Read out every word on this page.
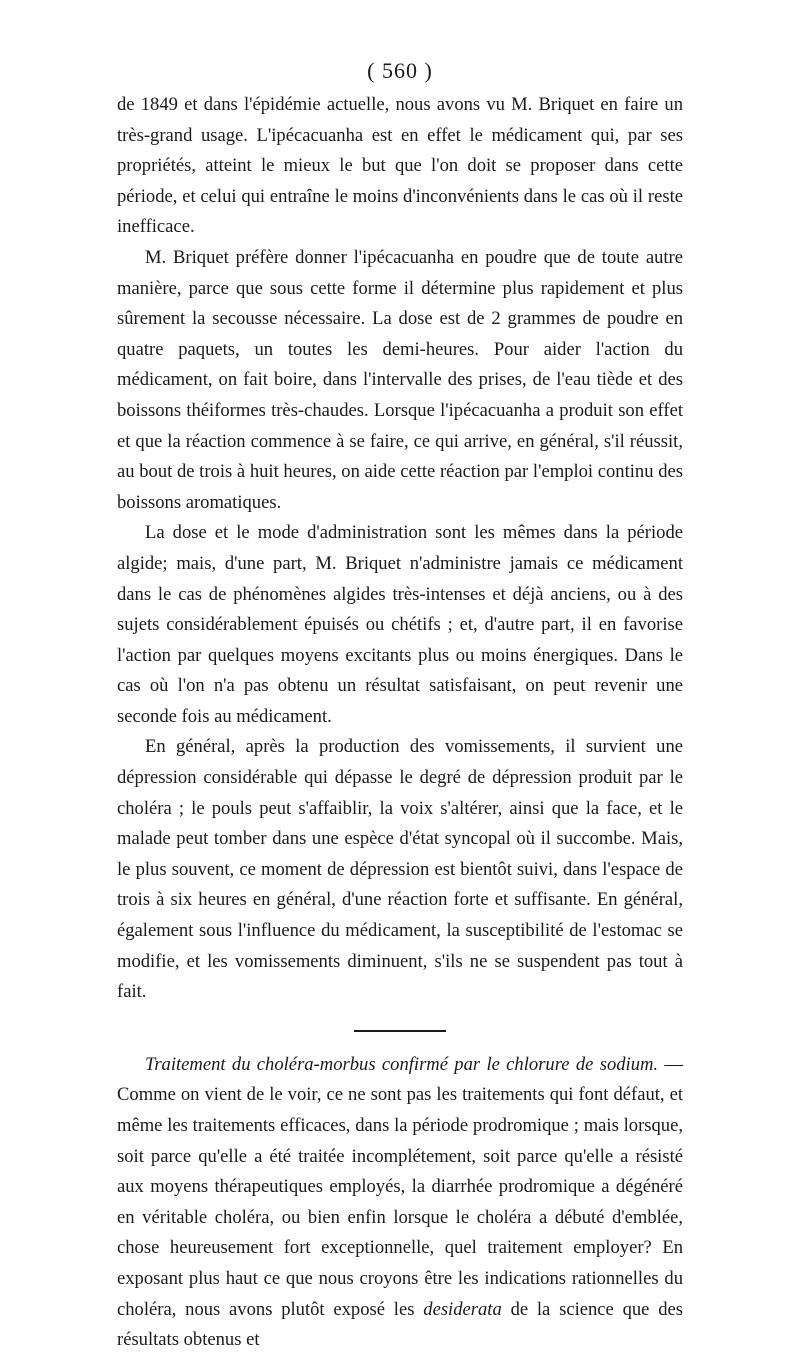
( 560 )

de 1849 et dans l'épidémie actuelle, nous avons vu M. Briquet en faire un très-grand usage. L'ipécacuanha est en effet le médicament qui, par ses propriétés, atteint le mieux le but que l'on doit se proposer dans cette période, et celui qui entraîne le moins d'inconvénients dans le cas où il reste inefficace.

M. Briquet préfère donner l'ipécacuanha en poudre que de toute autre manière, parce que sous cette forme il détermine plus rapidement et plus sûrement la secousse nécessaire. La dose est de 2 grammes de poudre en quatre paquets, un toutes les demi-heures. Pour aider l'action du médicament, on fait boire, dans l'intervalle des prises, de l'eau tiède et des boissons théiformes très-chaudes. Lorsque l'ipécacuanha a produit son effet et que la réaction commence à se faire, ce qui arrive, en général, s'il réussit, au bout de trois à huit heures, on aide cette réaction par l'emploi continu des boissons aromatiques.

La dose et le mode d'administration sont les mêmes dans la période algide; mais, d'une part, M. Briquet n'administre jamais ce médicament dans le cas de phénomènes algides très-intenses et déjà anciens, ou à des sujets considérablement épuisés ou chétifs ; et, d'autre part, il en favorise l'action par quelques moyens excitants plus ou moins énergiques. Dans le cas où l'on n'a pas obtenu un résultat satisfaisant, on peut revenir une seconde fois au médicament.

En général, après la production des vomissements, il survient une dépression considérable qui dépasse le degré de dépression produit par le choléra ; le pouls peut s'affaiblir, la voix s'altérer, ainsi que la face, et le malade peut tomber dans une espèce d'état syncopal où il succombe. Mais, le plus souvent, ce moment de dépression est bientôt suivi, dans l'espace de trois à six heures en général, d'une réaction forte et suffisante. En général, également sous l'influence du médicament, la susceptibilité de l'estomac se modifie, et les vomissements diminuent, s'ils ne se suspendent pas tout à fait.

Traitement du choléra-morbus confirmé par le chlorure de sodium. — Comme on vient de le voir, ce ne sont pas les traitements qui font défaut, et même les traitements efficaces, dans la période prodromique ; mais lorsque, soit parce qu'elle a été traitée incomplétement, soit parce qu'elle a résisté aux moyens thérapeutiques employés, la diarrhée prodromique a dégénéré en véritable choléra, ou bien enfin lorsque le choléra a débuté d'emblée, chose heureusement fort exceptionnelle, quel traitement employer? En exposant plus haut ce que nous croyons être les indications rationnelles du choléra, nous avons plutôt exposé les desiderata de la science que des résultats obtenus et
